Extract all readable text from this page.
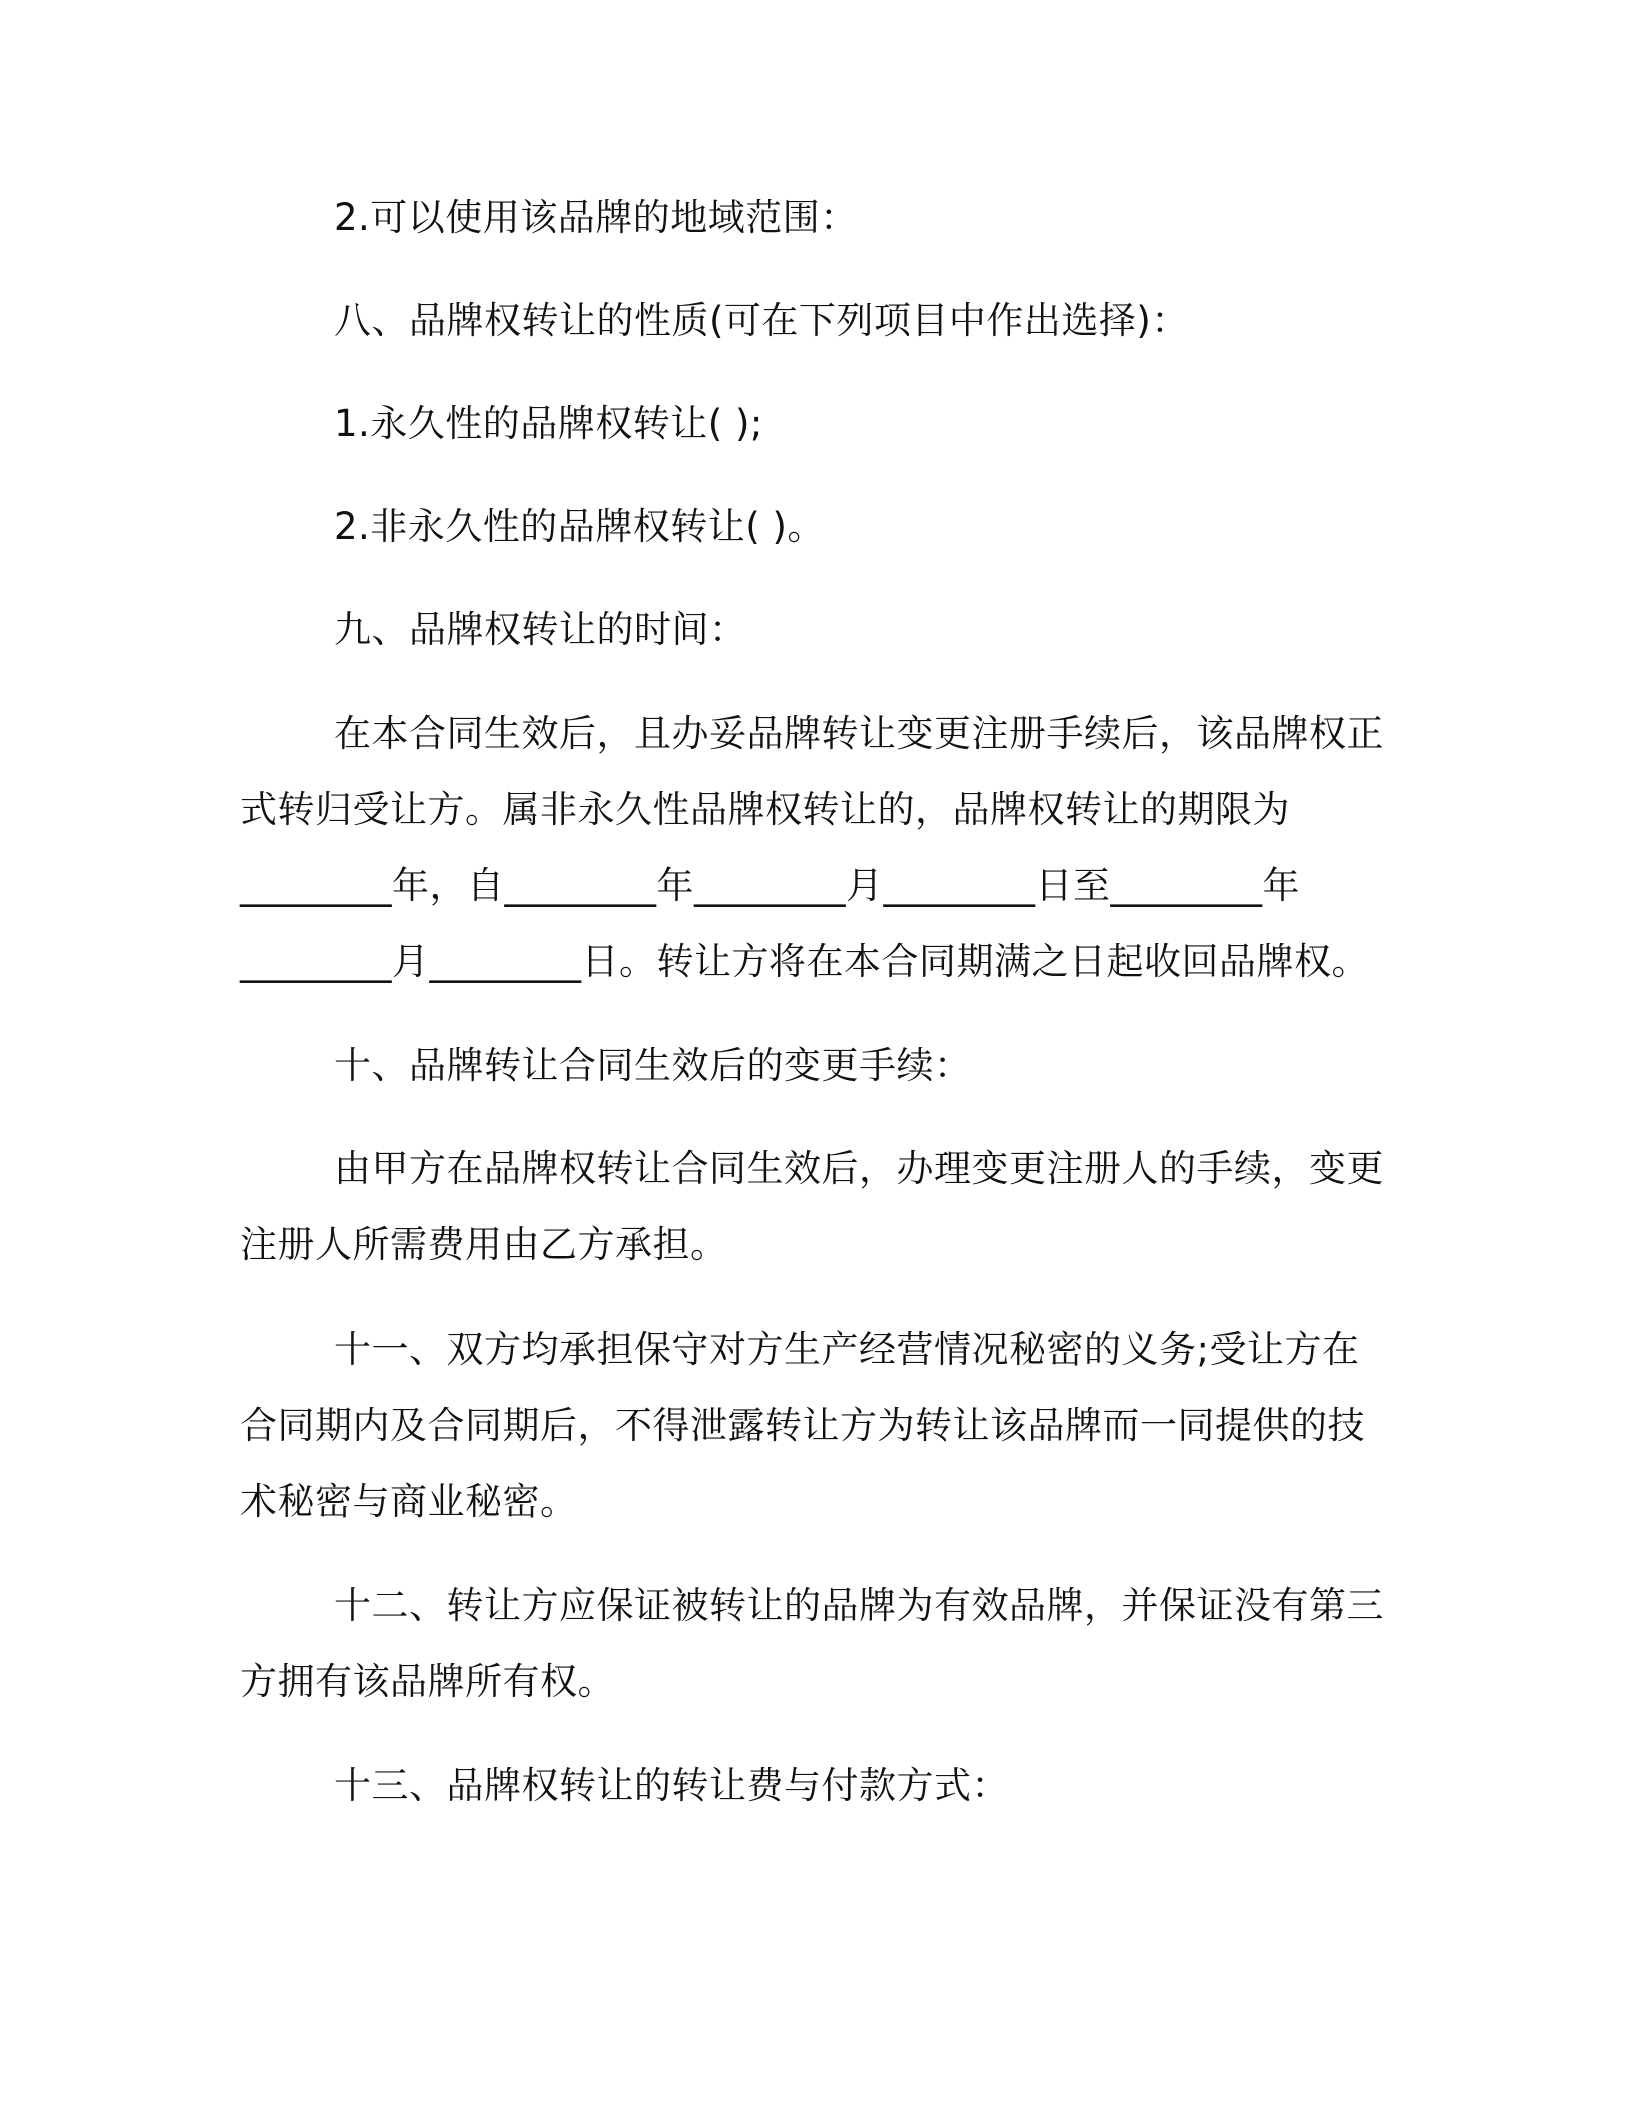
2.可以使用该品牌的地域范围：
八、品牌权转让的性质(可在下列项目中作出选择)：
1.永久性的品牌权转让( );
2.非永久性的品牌权转让( )。
九、品牌权转让的时间：
在本合同生效后，且办妥品牌转让变更注册手续后，该品牌权正
式转归受让方。属非永久性品牌权转让的，品牌权转让的期限为
________年，自________年________月________日至________年
________月________日。转让方将在本合同期满之日起收回品牌权。
十、品牌转让合同生效后的变更手续：
由甲方在品牌权转让合同生效后，办理变更注册人的手续，变更
注册人所需费用由乙方承担。
十一、双方均承担保守对方生产经营情况秘密的义务;受让方在
合同期内及合同期后，不得泄露转让方为转让该品牌而一同提供的技
术秘密与商业秘密。
十二、转让方应保证被转让的品牌为有效品牌，并保证没有第三
方拥有该品牌所有权。
十三、品牌权转让的转让费与付款方式：
